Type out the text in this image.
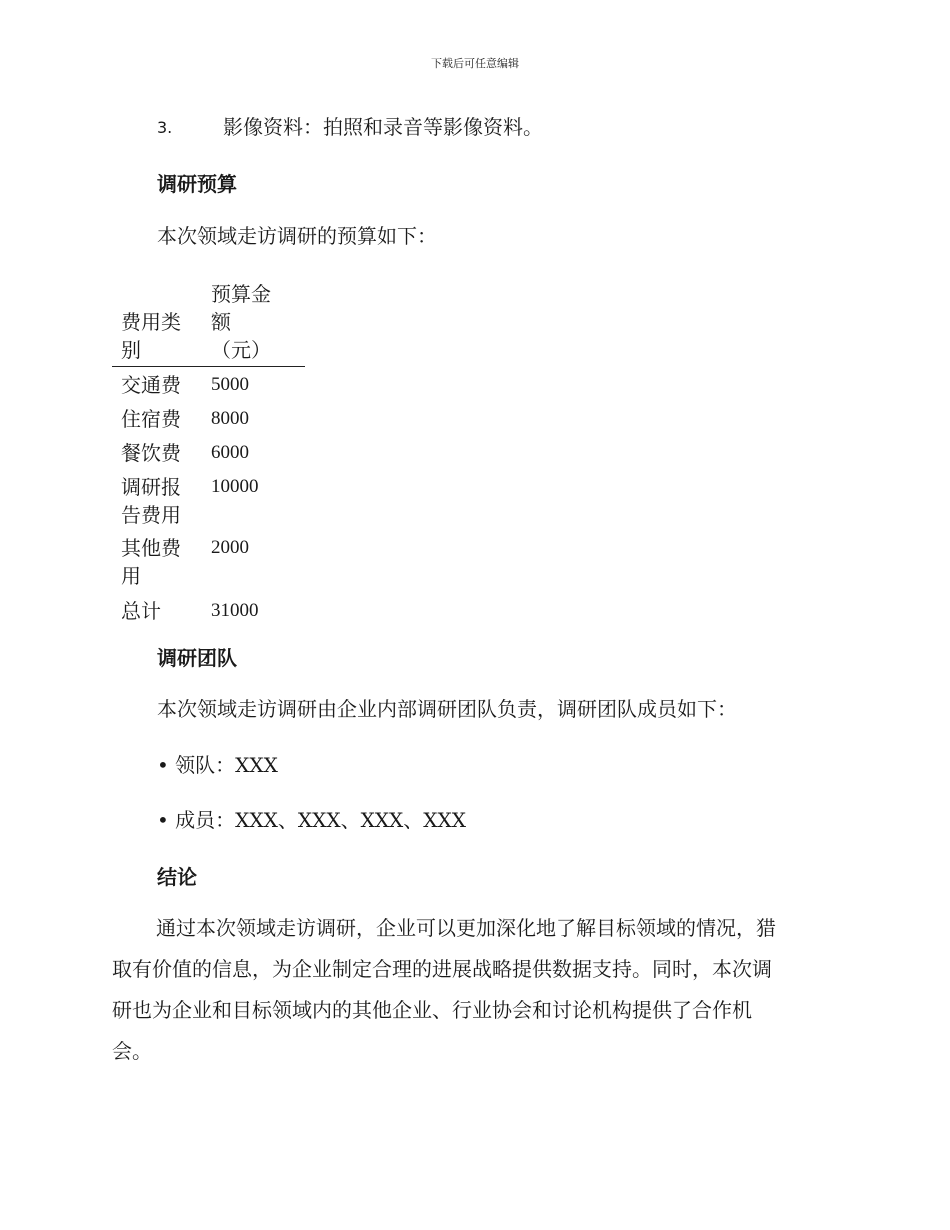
下载后可任意编辑
3.	影像资料：拍照和录音等影像资料。
调研预算
本次领域走访调研的预算如下：
费用类
别
预算金
额
（元）
交通费 5000
住宿费 8000
餐饮费 6000
调研报
告费用
10000
其他费
用
2000
总计	31000
调研团队
本次领域走访调研由企业内部调研团队负责，调研团队成员如下：
• 领队：XXX
• 成员：XXX、XXX、XXX、XXX
结论
通过本次领域走访调研，企业可以更加深化地了解目标领域的情况，猎
取有价值的信息，为企业制定合理的进展战略提供数据支持。同时，本次调
研也为企业和目标领域内的其他企业、行业协会和讨论机构提供了合作机
会。
